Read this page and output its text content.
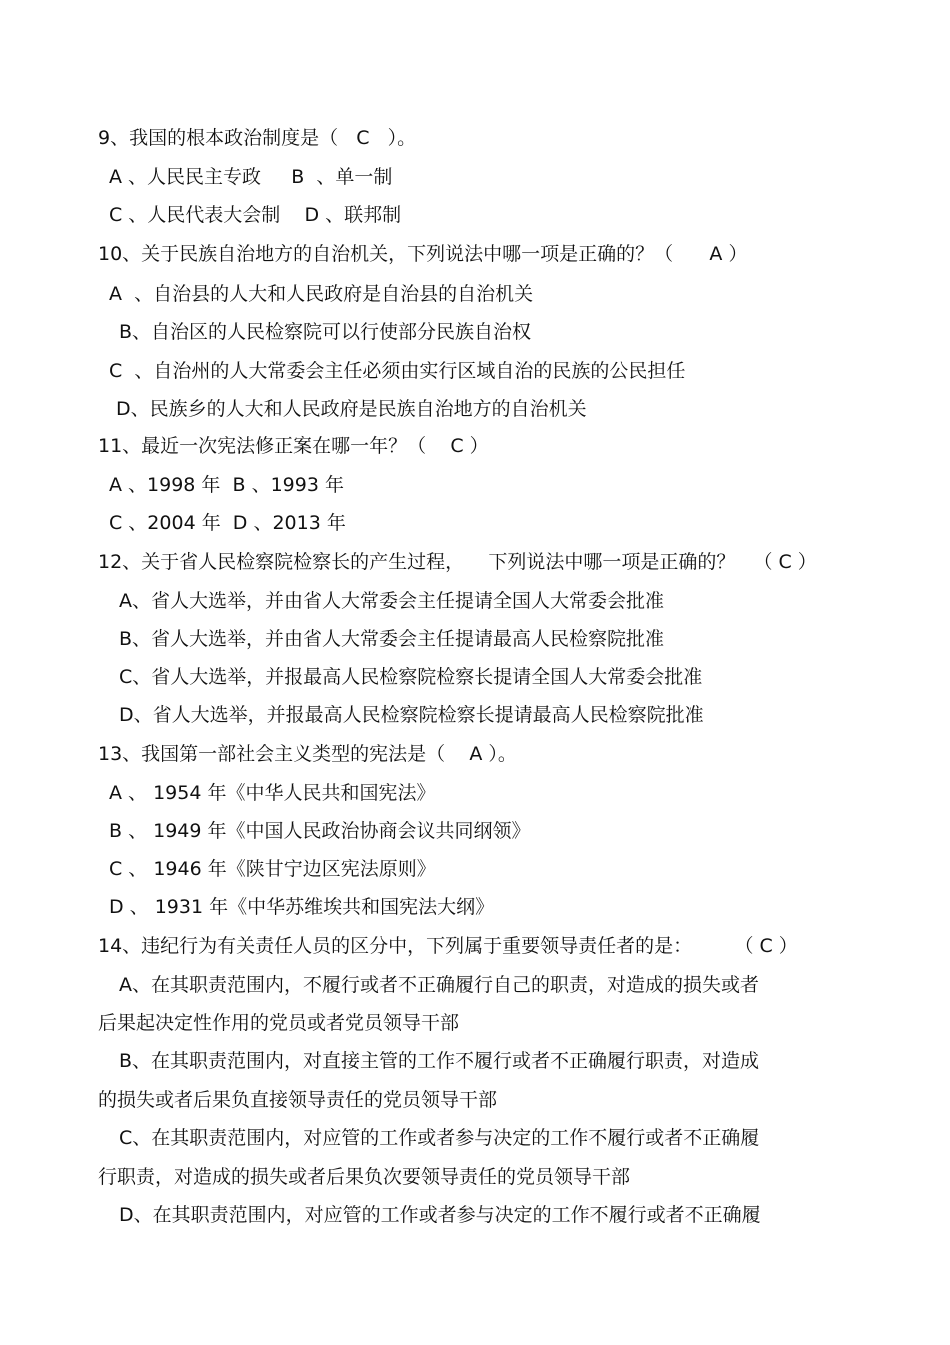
9、我国的根本政治制度是（   C   ）。
A 、人民民主专政     B  、单一制
C 、人民代表大会制    D 、联邦制
10、关于民族自治地方的自治机关，下列说法中哪一项是正确的？（      A ）
A  、自治县的人大和人民政府是自治县的自治机关
B、自治区的人民检察院可以行使部分民族自治权
C  、自治州的人大常委会主任必须由实行区域自治的民族的公民担任
D、民族乡的人大和人民政府是民族自治地方的自治机关
11、最近一次宪法修正案在哪一年？（    C ）
A 、1998 年  B 、1993 年
C 、2004 年  D 、2013 年
12、关于省人民检察院检察长的产生过程，    下列说法中哪一项是正确的？   （ C ）
A、省人大选举，并由省人大常委会主任提请全国人大常委会批准
B、省人大选举，并由省人大常委会主任提请最高人民检察院批准
C、省人大选举，并报最高人民检察院检察长提请全国人大常委会批准
D、省人大选举，并报最高人民检察院检察长提请最高人民检察院批准
13、我国第一部社会主义类型的宪法是（    A ）。
A 、 1954 年《中华人民共和国宪法》
B 、 1949 年《中国人民政治协商会议共同纲领》
C 、 1946 年《陕甘宁边区宪法原则》
D 、 1931 年《中华苏维埃共和国宪法大纲》
14、违纪行为有关责任人员的区分中，下列属于重要领导责任者的是：       （ C ）
A、在其职责范围内，不履行或者不正确履行自己的职责，对造成的损失或者
后果起决定性作用的党员或者党员领导干部
B、在其职责范围内，对直接主管的工作不履行或者不正确履行职责，对造成
的损失或者后果负直接领导责任的党员领导干部
C、在其职责范围内，对应管的工作或者参与决定的工作不履行或者不正确履
行职责，对造成的损失或者后果负次要领导责任的党员领导干部
D、在其职责范围内，对应管的工作或者参与决定的工作不履行或者不正确履
